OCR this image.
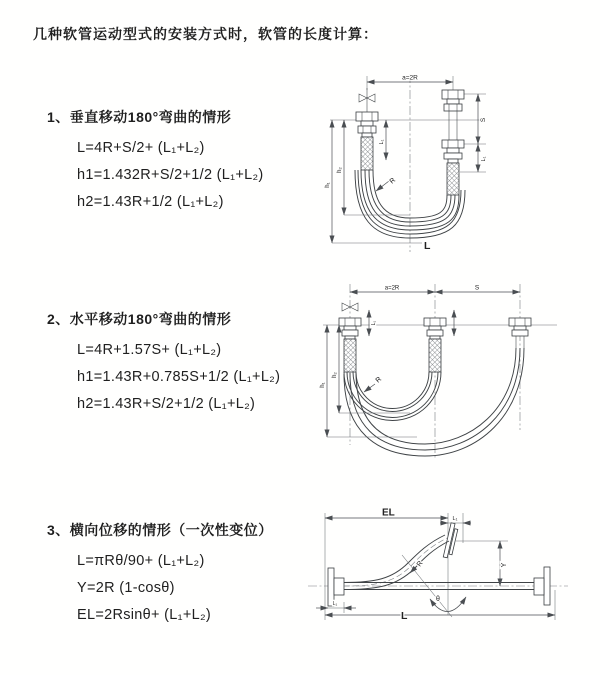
几种软管运动型式的安装方式时，软管的长度计算：
1、垂直移动180°弯曲的情形
L=4R+S/2+ (L₁+L₂)
h1=1.432R+S/2+1/2 (L₁+L₂)
h2=1.43R+1/2 (L₁+L₂)
a=2R
h₁
h₂
L₁
S
L₁
R
L
2、水平移动180°弯曲的情形
L=4R+1.57S+ (L₁+L₂)
h1=1.43R+0.785S+1/2 (L₁+L₂)
h2=1.43R+S/2+1/2 (L₁+L₂)
a=2R	S
h₁
h₂
L₁
R
3、横向位移的情形（一次性变位）
L=πRθ/90+ (L₁+L₂)
Y=2R (1-cosθ)
EL=2Rsinθ+ (L₁+L₂)
EL
L₁
Y
R
θ
L₁
L
